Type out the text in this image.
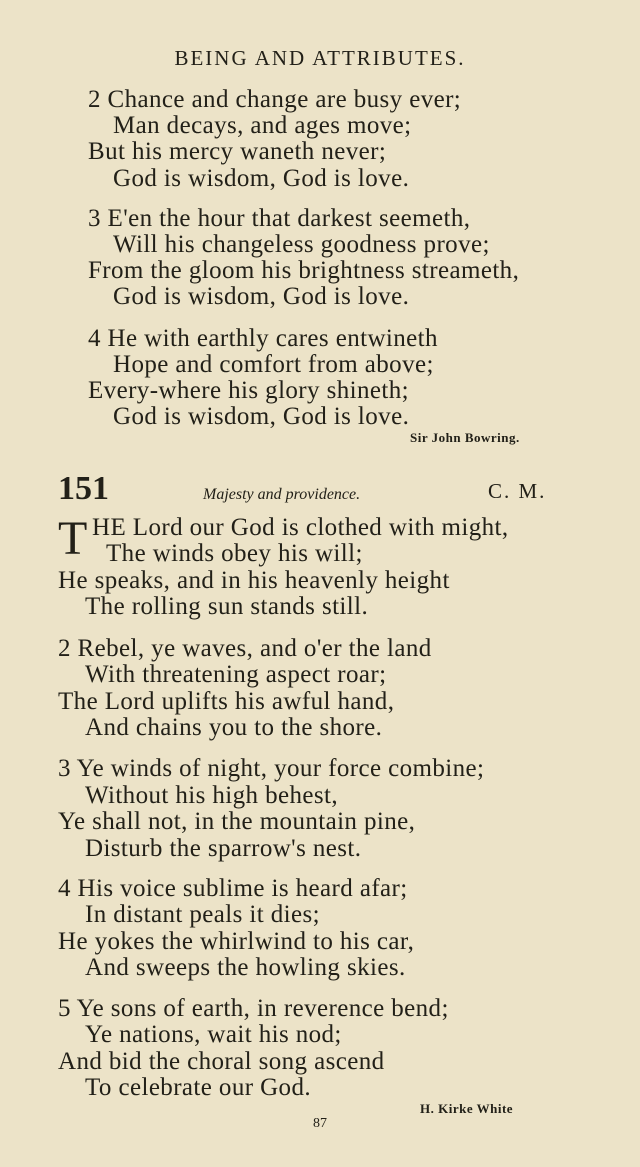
BEING AND ATTRIBUTES.
2 Chance and change are busy ever;
Man decays, and ages move;
But his mercy waneth never;
God is wisdom, God is love.
3 E'en the hour that darkest seemeth,
Will his changeless goodness prove;
From the gloom his brightness streameth,
God is wisdom, God is love.
4 He with earthly cares entwineth
Hope and comfort from above;
Every-where his glory shineth;
God is wisdom, God is love.
Sir John Bowring.
151	Majesty and providence.	C. M.
T HE Lord our God is clothed with might,
The winds obey his will;
He speaks, and in his heavenly height
The rolling sun stands still.
2 Rebel, ye waves, and o'er the land
With threatening aspect roar;
The Lord uplifts his awful hand,
And chains you to the shore.
3 Ye winds of night, your force combine;
Without his high behest,
Ye shall not, in the mountain pine,
Disturb the sparrow's nest.
4 His voice sublime is heard afar;
In distant peals it dies;
He yokes the whirlwind to his car,
And sweeps the howling skies.
5 Ye sons of earth, in reverence bend;
Ye nations, wait his nod;
And bid the choral song ascend
To celebrate our God.
H. Kirke White
87
